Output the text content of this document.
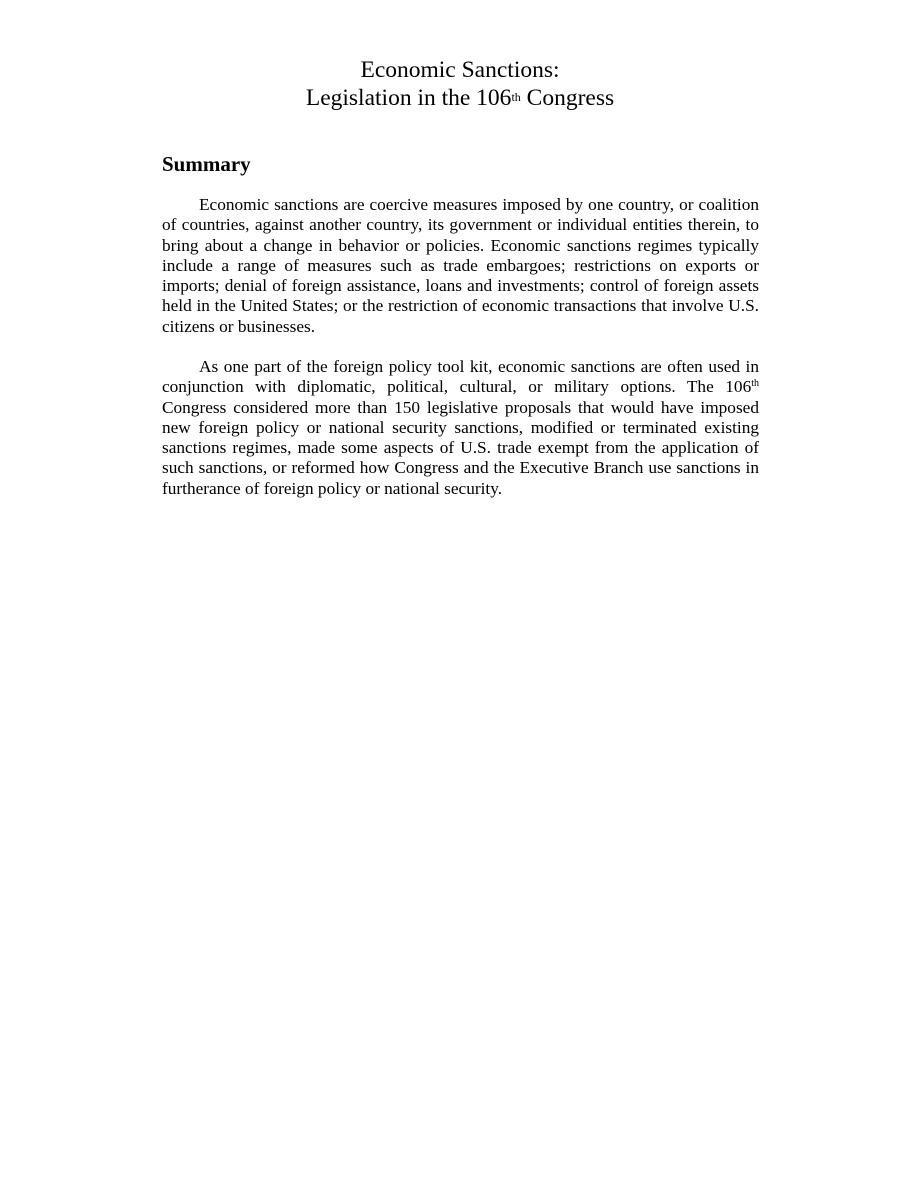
Economic Sanctions:
Legislation in the 106th Congress
Summary

Economic sanctions are coercive measures imposed by one country, or coalition of countries, against another country, its government or individual entities therein, to bring about a change in behavior or policies. Economic sanctions regimes typically include a range of measures such as trade embargoes; restrictions on exports or imports; denial of foreign assistance, loans and investments; control of foreign assets held in the United States; or the restriction of economic transactions that involve U.S. citizens or businesses.

As one part of the foreign policy tool kit, economic sanctions are often used in conjunction with diplomatic, political, cultural, or military options. The 106th Congress considered more than 150 legislative proposals that would have imposed new foreign policy or national security sanctions, modified or terminated existing sanctions regimes, made some aspects of U.S. trade exempt from the application of such sanctions, or reformed how Congress and the Executive Branch use sanctions in furtherance of foreign policy or national security.
